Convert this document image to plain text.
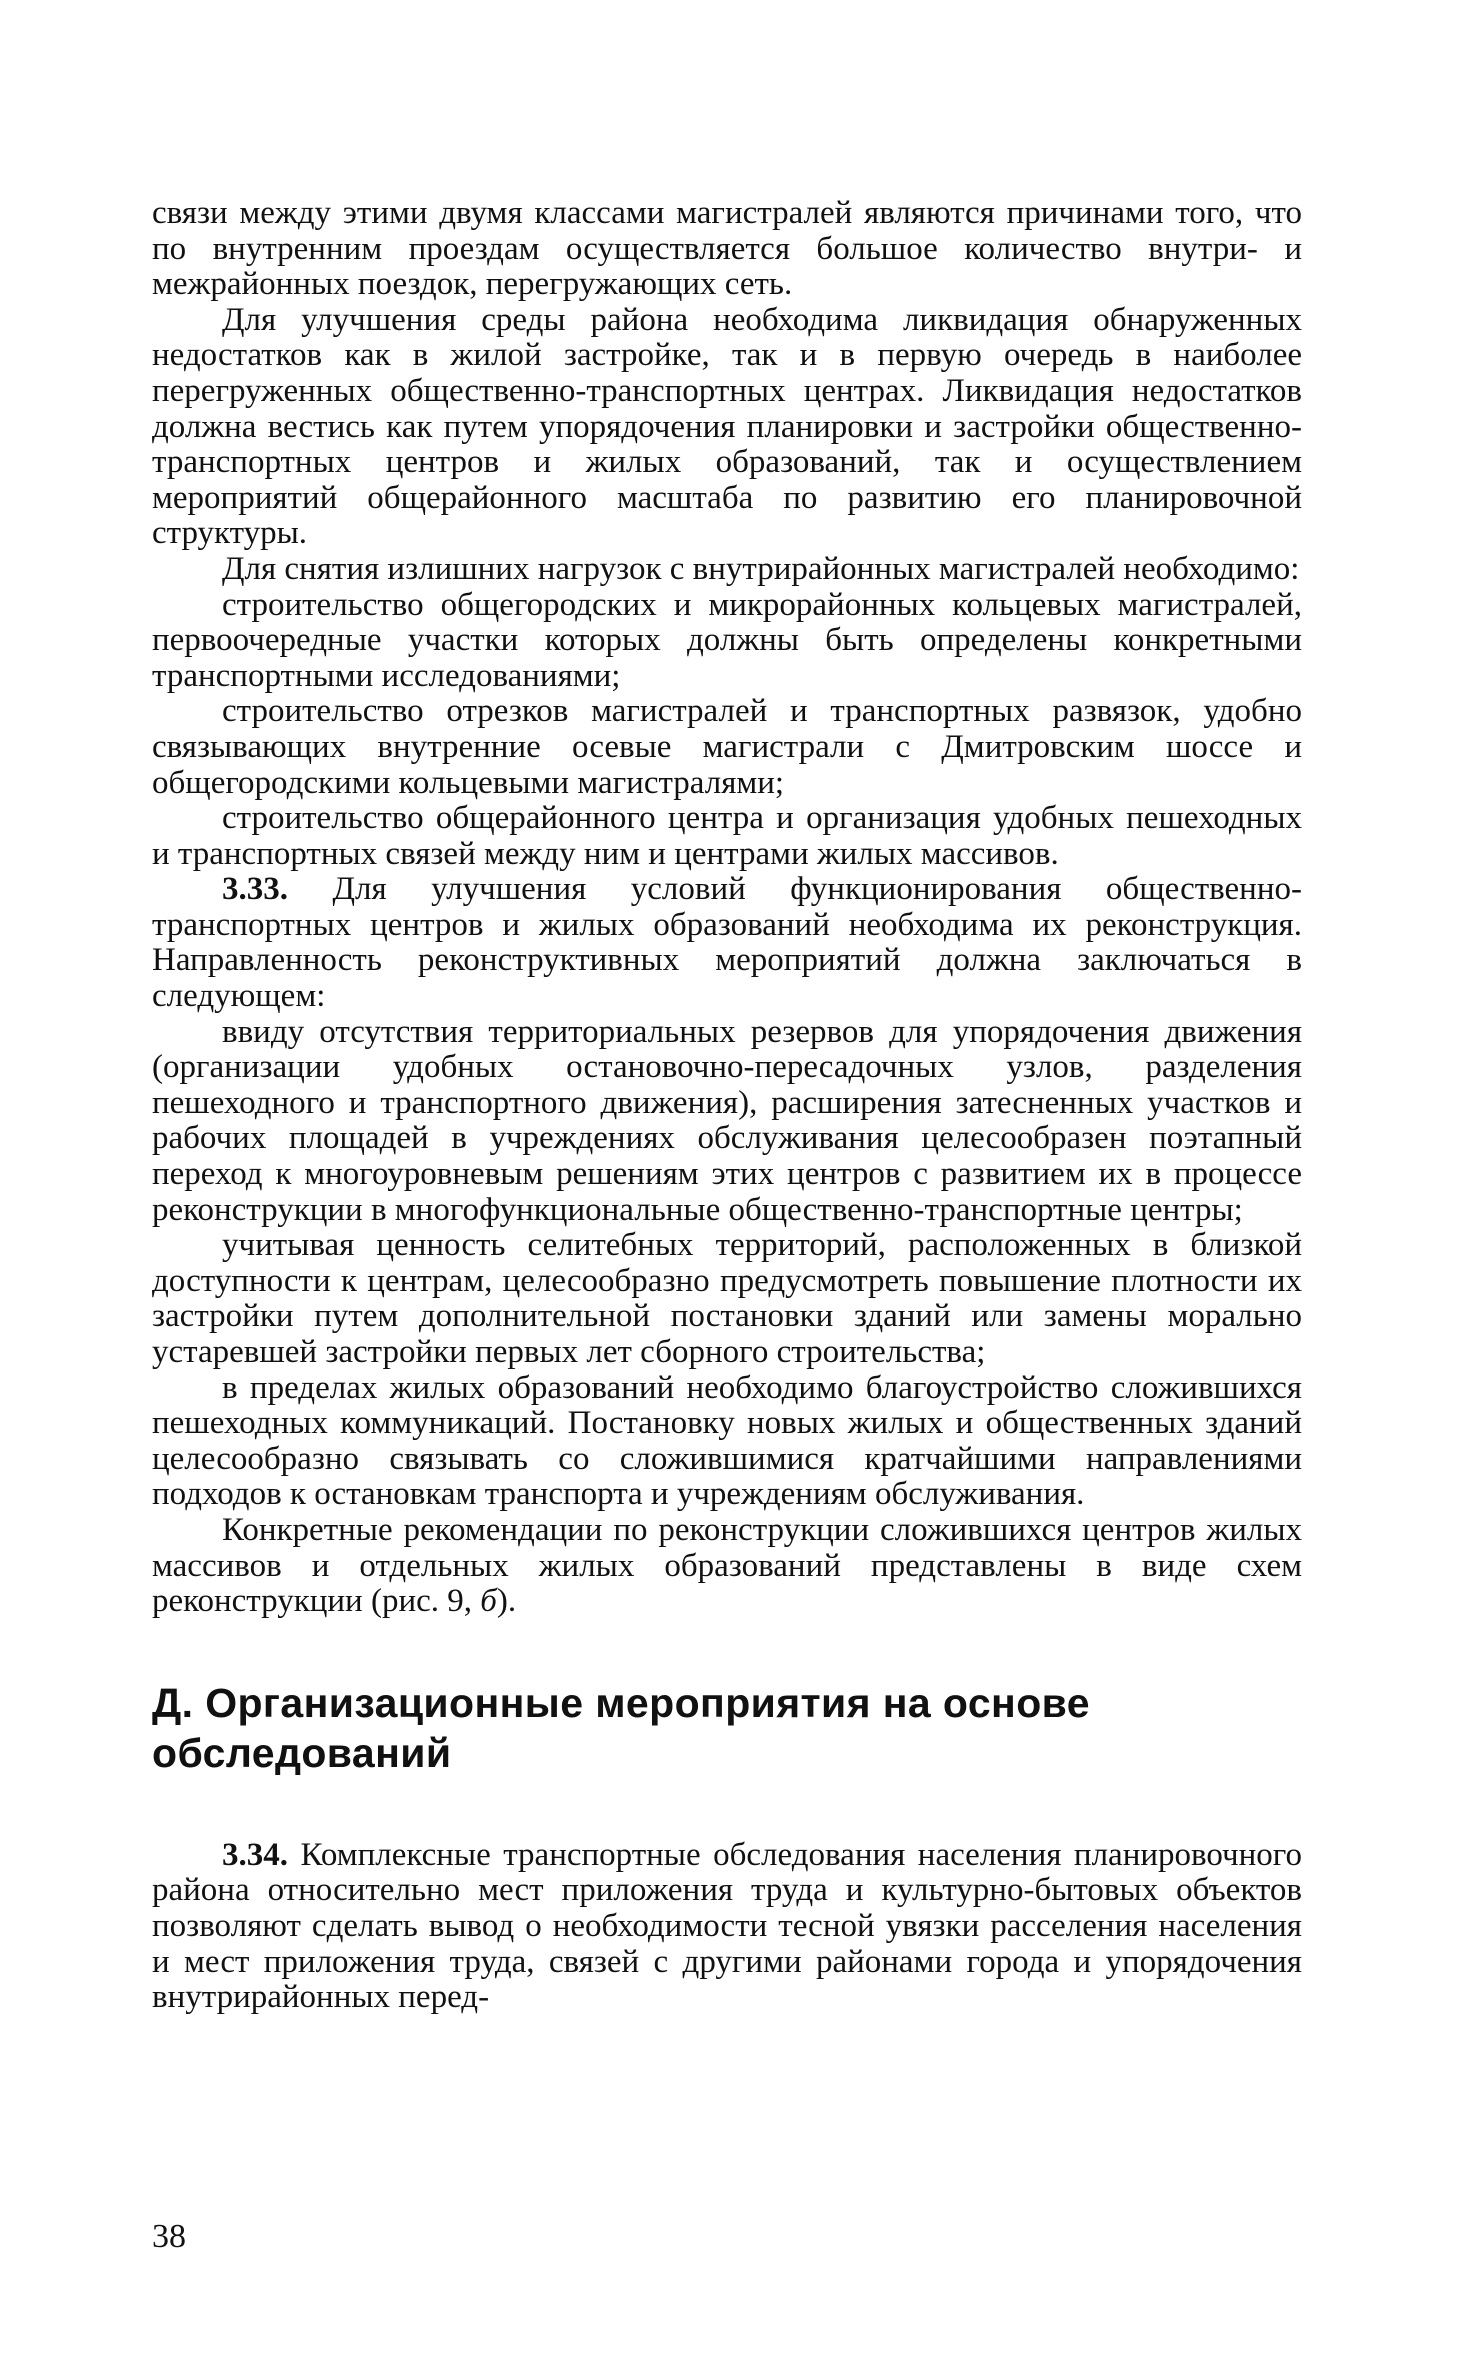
связи между этими двумя классами магистралей являются причинами того, что по внутренним проездам осуществляется большое количество внутри- и межрайонных поездок, перегружающих сеть.

Для улучшения среды района необходима ликвидация обнаруженных недостатков как в жилой застройке, так и в первую очередь в наиболее перегруженных общественно-транспортных центрах. Ликвидация недостатков должна вестись как путем упорядочения планировки и застройки общественно-транспортных центров и жилых образований, так и осуществлением мероприятий общерайонного масштаба по развитию его планировочной структуры.

Для снятия излишних нагрузок с внутрирайонных магистралей необходимо:

строительство общегородских и микрорайонных кольцевых магистралей, первоочередные участки которых должны быть определены конкретными транспортными исследованиями;

строительство отрезков магистралей и транспортных развязок, удобно связывающих внутренние осевые магистрали с Дмитровским шоссе и общегородскими кольцевыми магистралями;

строительство общерайонного центра и организация удобных пешеходных и транспортных связей между ним и центрами жилых массивов.

3.33. Для улучшения условий функционирования общественно-транспортных центров и жилых образований необходима их реконструкция. Направленность реконструктивных мероприятий должна заключаться в следующем:

ввиду отсутствия территориальных резервов для упорядочения движения (организации удобных остановочно-пересадочных узлов, разделения пешеходного и транспортного движения), расширения затесненных участков и рабочих площадей в учреждениях обслуживания целесообразен поэтапный переход к многоуровневым решениям этих центров с развитием их в процессе реконструкции в многофункциональные общественно-транспортные центры;

учитывая ценность селитебных территорий, расположенных в близкой доступности к центрам, целесообразно предусмотреть повышение плотности их застройки путем дополнительной постановки зданий или замены морально устаревшей застройки первых лет сборного строительства;

в пределах жилых образований необходимо благоустройство сложившихся пешеходных коммуникаций. Постановку новых жилых и общественных зданий целесообразно связывать со сложившимися кратчайшими направлениями подходов к остановкам транспорта и учреждениям обслуживания.

Конкретные рекомендации по реконструкции сложившихся центров жилых массивов и отдельных жилых образований представлены в виде схем реконструкции (рис. 9, б).

Д. Организационные мероприятия на основе обследований

3.34. Комплексные транспортные обследования населения планировочного района относительно мест приложения труда и культурно-бытовых объектов позволяют сделать вывод о необходимости тесной увязки расселения населения и мест приложения труда, связей с другими районами города и упорядочения внутрирайонных перед-

38
